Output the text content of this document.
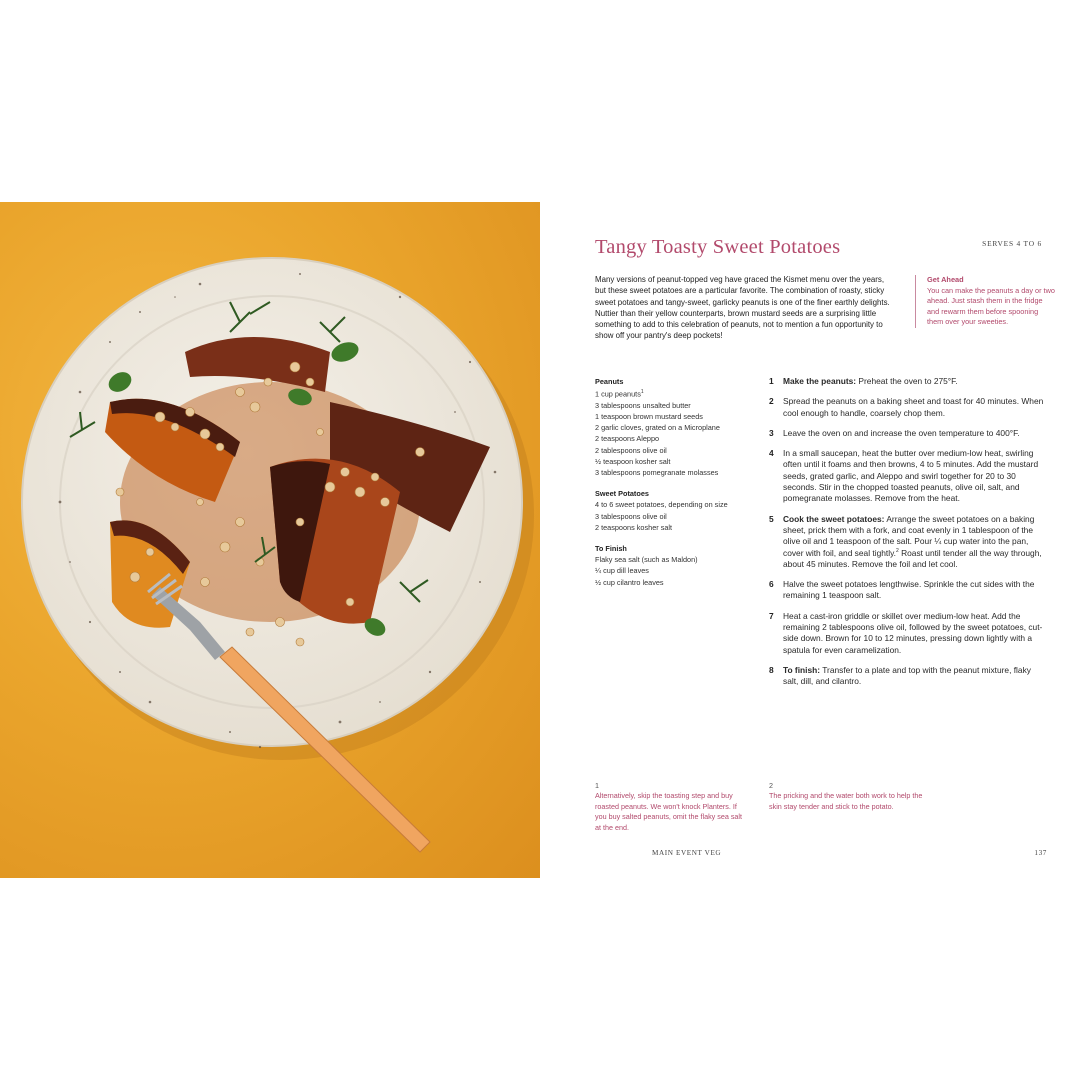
Tangy Toasty Sweet Potatoes	SERVES 4 TO 6

Many versions of peanut-topped veg have graced the Kismet menu over the years, but these sweet potatoes are a particular favorite. The combination of roasty, sticky sweet potatoes and tangy-sweet, garlicky peanuts is one of the finer earthly delights. Nuttier than their yellow counterparts, brown mustard seeds are a surprising little something to add to this celebration of peanuts, not to mention a fun opportunity to show off your pantry's deep pockets!

Get Ahead
You can make the peanuts a day or two ahead. Just stash them in the fridge and rewarm them before spooning them over your sweeties.
Peanuts
1 cup peanuts$^1$
3 tablespoons unsalted butter
1 teaspoon brown mustard seeds
2 garlic cloves, grated on a Microplane
2 teaspoons Aleppo
2 tablespoons olive oil
½ teaspoon kosher salt
3 tablespoons pomegranate molasses
Sweet Potatoes
4 to 6 sweet potatoes, depending on size
3 tablespoons olive oil
2 teaspoons kosher salt
To Finish
Flaky sea salt (such as Maldon)
¼ cup dill leaves
½ cup cilantro leaves
1	Make the peanuts: Preheat the oven to 275°F.
2	Spread the peanuts on a baking sheet and toast for 40 minutes. When cool enough to handle, coarsely chop them.
3	Leave the oven on and increase the oven temperature to 400°F.
4	In a small saucepan, heat the butter over medium-low heat, swirling often until it foams and then browns, 4 to 5 minutes. Add the mustard seeds, grated garlic, and Aleppo and swirl together for 20 to 30 seconds. Stir in the chopped toasted peanuts, olive oil, salt, and pomegranate molasses. Remove from the heat.
5	Cook the sweet potatoes: Arrange the sweet potatoes on a baking sheet, prick them with a fork, and coat evenly in 1 tablespoon of the olive oil and 1 teaspoon of the salt. Pour ¼ cup water into the pan, cover with foil, and seal tightly.$^2$ Roast until tender all the way through, about 45 minutes. Remove the foil and let cool.
6	Halve the sweet potatoes lengthwise. Sprinkle the cut sides with the remaining 1 teaspoon salt.
7	Heat a cast-iron griddle or skillet over medium-low heat. Add the remaining 2 tablespoons olive oil, followed by the sweet potatoes, cut-side down. Brown for 10 to 12 minutes, pressing down lightly with a spatula for even caramelization.
8	To finish: Transfer to a plate and top with the peanut mixture, flaky salt, dill, and cilantro.
1
Alternatively, skip the toasting step and buy roasted peanuts. We won't knock Planters. If you buy salted peanuts, omit the flaky sea salt at the end.
2
The pricking and the water both work to help the skin stay tender and stick to the potato.
MAIN EVENT VEG	137
